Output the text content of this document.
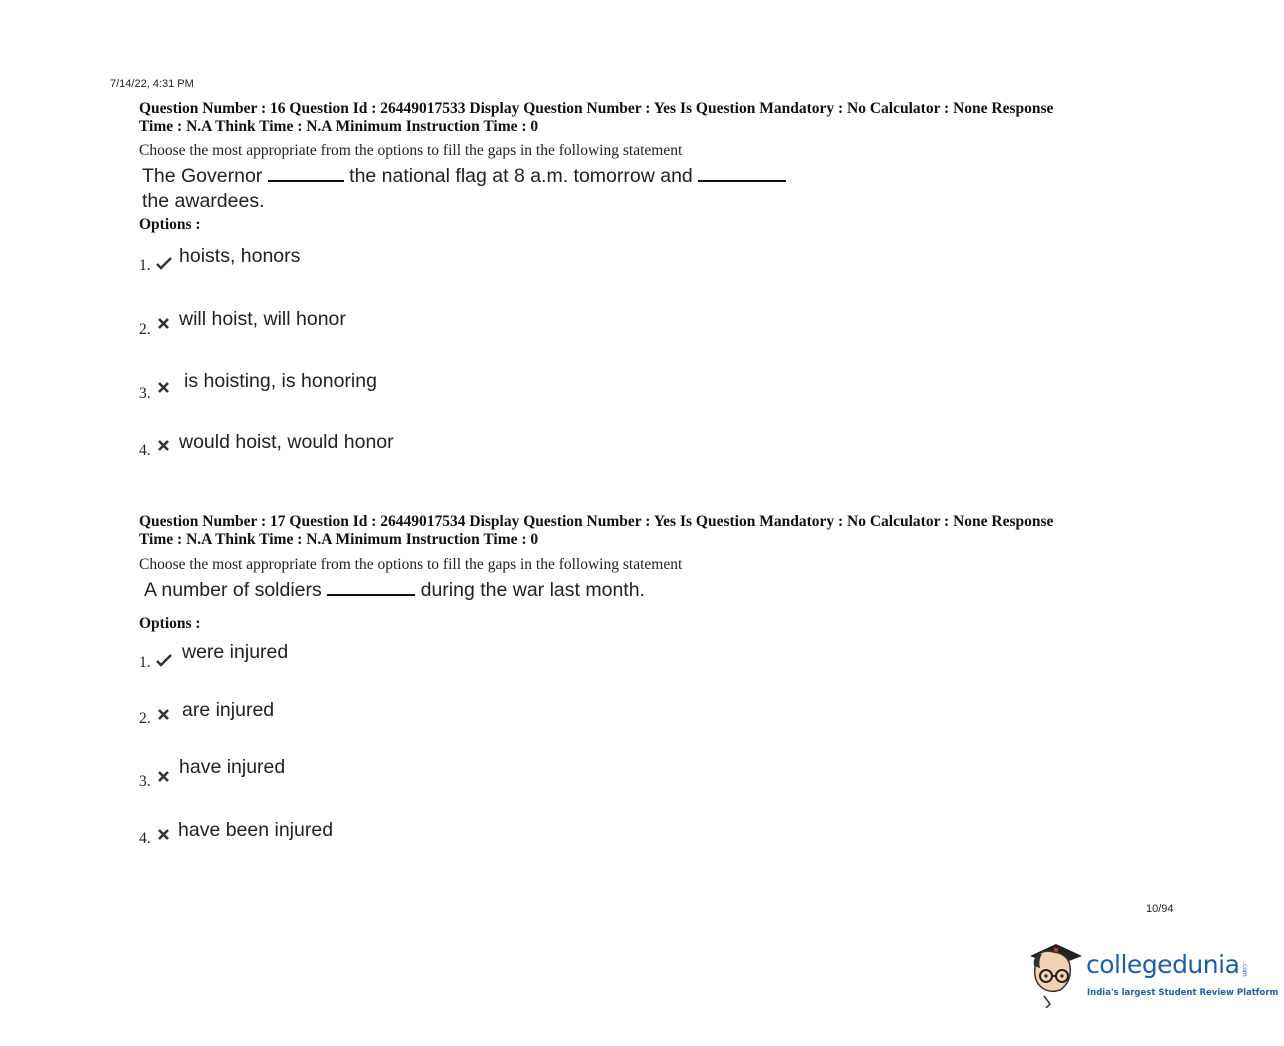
7/14/22, 4:31 PM
Question Number : 16 Question Id : 26449017533 Display Question Number : Yes Is Question Mandatory : No Calculator : None Response
Time : N.A Think Time : N.A Minimum Instruction Time : 0
Choose the most appropriate from the options to fill the gaps in the following statement
The Governor	the national flag at 8 a.m. tomorrow and
the awardees.
Options :
1. hoists, honors
2. will hoist, will honor
3.
is hoisting, is honoring
4. would hoist, would honor
Question Number : 17 Question Id : 26449017534 Display Question Number : Yes Is Question Mandatory : No Calculator : None Response
Time : N.A Think Time : N.A Minimum Instruction Time : 0
Choose the most appropriate from the options to fill the gaps in the following statement
A number of soldiers	during the war last month.
Options :
1. were injured
2. are injured
3.
have injured
4. have been injured
10/94
collegedunia .com
India's largest Student Review Platform
